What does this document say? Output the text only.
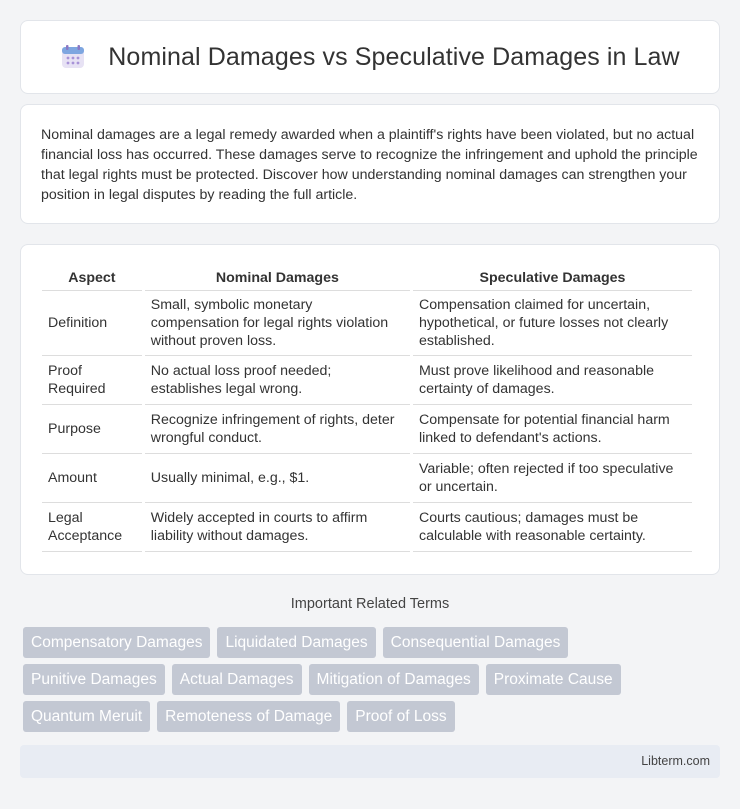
Nominal Damages vs Speculative Damages in Law

Nominal damages are a legal remedy awarded when a plaintiff's rights have been violated, but no actual financial loss has occurred. These damages serve to recognize the infringement and uphold the principle that legal rights must be protected. Discover how understanding nominal damages can strengthen your position in legal disputes by reading the full article.

Aspect	Nominal Damages	Speculative Damages
Definition	Small, symbolic monetary compensation for legal rights violation without proven loss.	Compensation claimed for uncertain, hypothetical, or future losses not clearly established.
Proof Required	No actual loss proof needed; establishes legal wrong.	Must prove likelihood and reasonable certainty of damages.
Purpose	Recognize infringement of rights, deter wrongful conduct.	Compensate for potential financial harm linked to defendant's actions.
Amount	Usually minimal, e.g., $1.	Variable; often rejected if too speculative or uncertain.
Legal Acceptance	Widely accepted in courts to affirm liability without damages.	Courts cautious; damages must be calculable with reasonable certainty.
Important Related Terms
Compensatory Damages	Liquidated Damages	Consequential Damages
Punitive Damages	Actual Damages	Mitigation of Damages	Proximate Cause
Quantum Meruit	Remoteness of Damage	Proof of Loss
Libterm.com
